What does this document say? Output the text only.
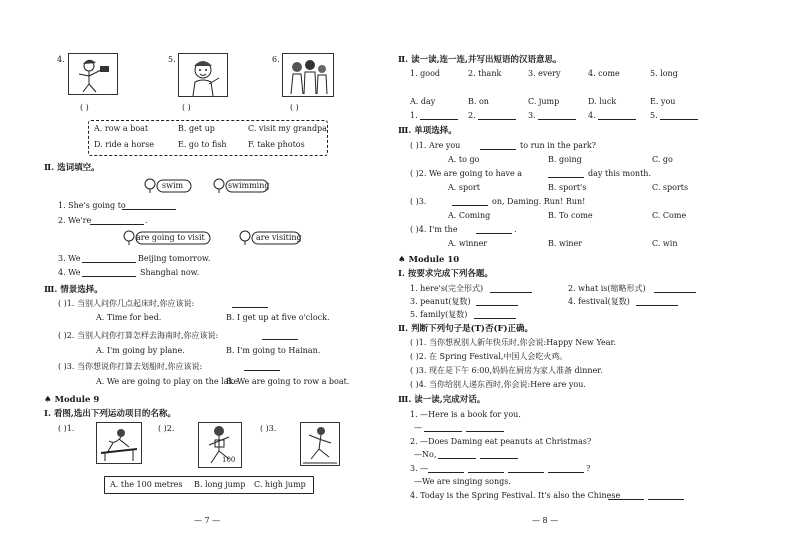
4.
( )
5.
( )
6.
( )
A. row a boat	B. get up	C. visit my grandpa
D. ride a horse	E. go to fish	F. take photos
Ⅱ. 选词填空。
swim	swimming
1. She's going to
2. We're	.
are going to visit	are visiting
3. We	Beijing tomorrow.
4. We	Shanghai now.
Ⅲ. 情景选择。
( )1. 当别人问你几点起床时,你应该说:
A. Time for bed.	B. I get up at five o'clock.
( )2. 当别人问你打算怎样去海南时,你应该说:
A. I'm going by plane.	B. I'm going to Hainan.
( )3. 当你想说你打算去划船时,你应该说:
A. We are going to play on the lake.
B. We are going to row a boat.
♠ Module 9
Ⅰ. 看图,选出下列运动项目的名称。
( )1.	( )2.
100
( )3.
A. the 100 metres B. long jump C. high jump
— 7 —
Ⅱ. 读一读,连一连,并写出短语的汉语意思。
1. good	2. thank	3. every	4. come	5. long
A. day	B. on	C. jump	D. luck	E. you
1.	2.	3.	4.	5.
Ⅲ. 单项选择。
( )1. Are you	to run in the park?
A. to go	B. going	C. go
( )2. We are going to have a	day this month.
A. sport	B. sport's	C. sports
( )3.	on, Daming. Run! Run!
A. Coming	B. To come	C. Come
( )4. I'm the	.
A. winner	B. winer	C. win
♠ Module 10
Ⅰ. 按要求完成下列各题。
1. here's(完全形式)	2. what is(缩略形式)
3. peanut(复数)	4. festival(复数)
5. family(复数)
Ⅱ. 判断下列句子是(T)否(F)正确。
( )1. 当你想祝别人新年快乐时,你会说:Happy New Year.
( )2. 在 Spring Festival,中国人会吃火鸡。
( )3. 现在是下午 6:00,妈妈在厨房为家人准备 dinner.
( )4. 当你给别人递东西时,你会说:Here are you.
Ⅲ. 读一读,完成对话。
1. —Here is a book for you.
—
2. —Does Daming eat peanuts at Christmas?
—No,
3. —	?
—We are singing songs.
4. Today is the Spring Festival. It's also the Chinese
— 8 —
